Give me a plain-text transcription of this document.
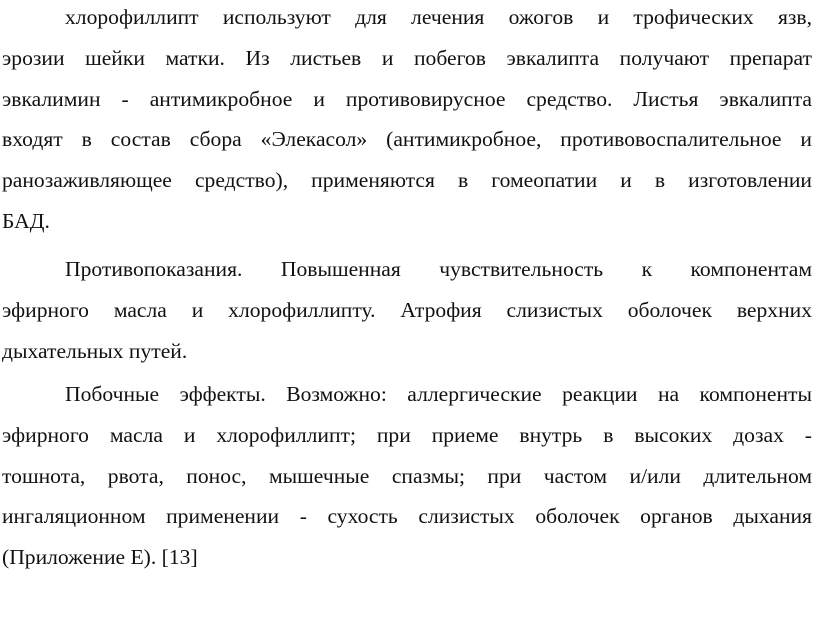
хлорофиллипт используют для лечения ожогов и трофических язв,
эрозии шейки матки. Из листьев и побегов эвкалипта получают препарат
эвкалимин - антимикробное и противовирусное средство. Листья эвкалипта
входят в состав сбора «Элекасол» (антимикробное, противовоспалительное и
ранозаживляющее средство), применяются в гомеопатии и в изготовлении
БАД.
Противопоказания. Повышенная чувствительность к компонентам
эфирного масла и хлорофиллипту. Атрофия слизистых оболочек верхних
дыхательных путей.
Побочные эффекты. Возможно: аллергические реакции на компоненты
эфирного масла и хлорофиллипт; при приеме внутрь в высоких дозах -
тошнота, рвота, понос, мышечные спазмы; при частом и/или длительном
ингаляционном применении - сухость слизистых оболочек органов дыхания
(Приложение Е). [13]
